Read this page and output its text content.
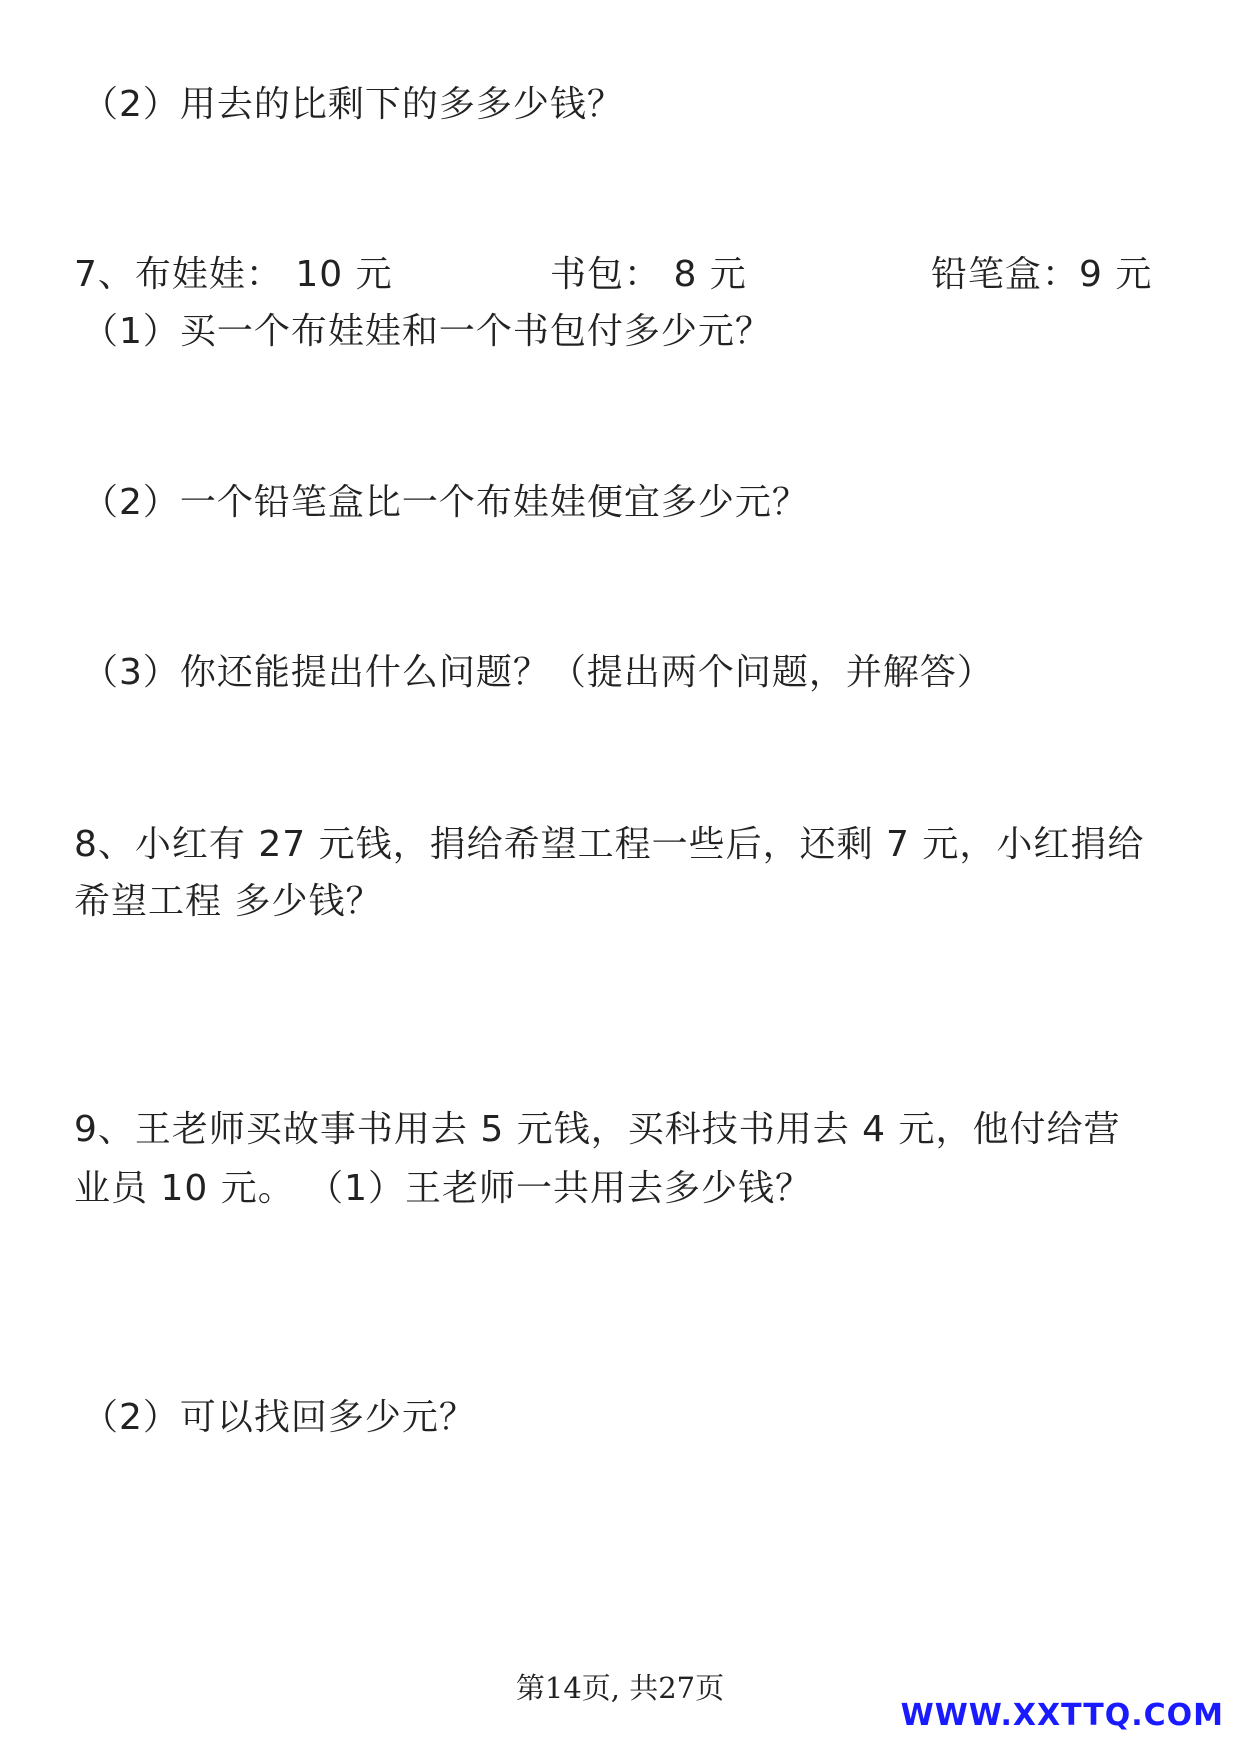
（2）用去的比剩下的多多少钱？

7、布娃娃： 10 元	书包： 8 元	铅笔盒：9 元

（1）买一个布娃娃和一个书包付多少元？

（2）一个铅笔盒比一个布娃娃便宜多少元？

（3）你还能提出什么问题？（提出两个问题，并解答）

8、小红有 27 元钱，捐给希望工程一些后，还剩 7 元，小红捐给

希望工程 多少钱？

9、王老师买故事书用去 5 元钱，买科技书用去 4 元，他付给营

业员 10 元。 （1）王老师一共用去多少钱？

（2）可以找回多少元？

第14页, 共27页
WWW.XXTTQ.COM
